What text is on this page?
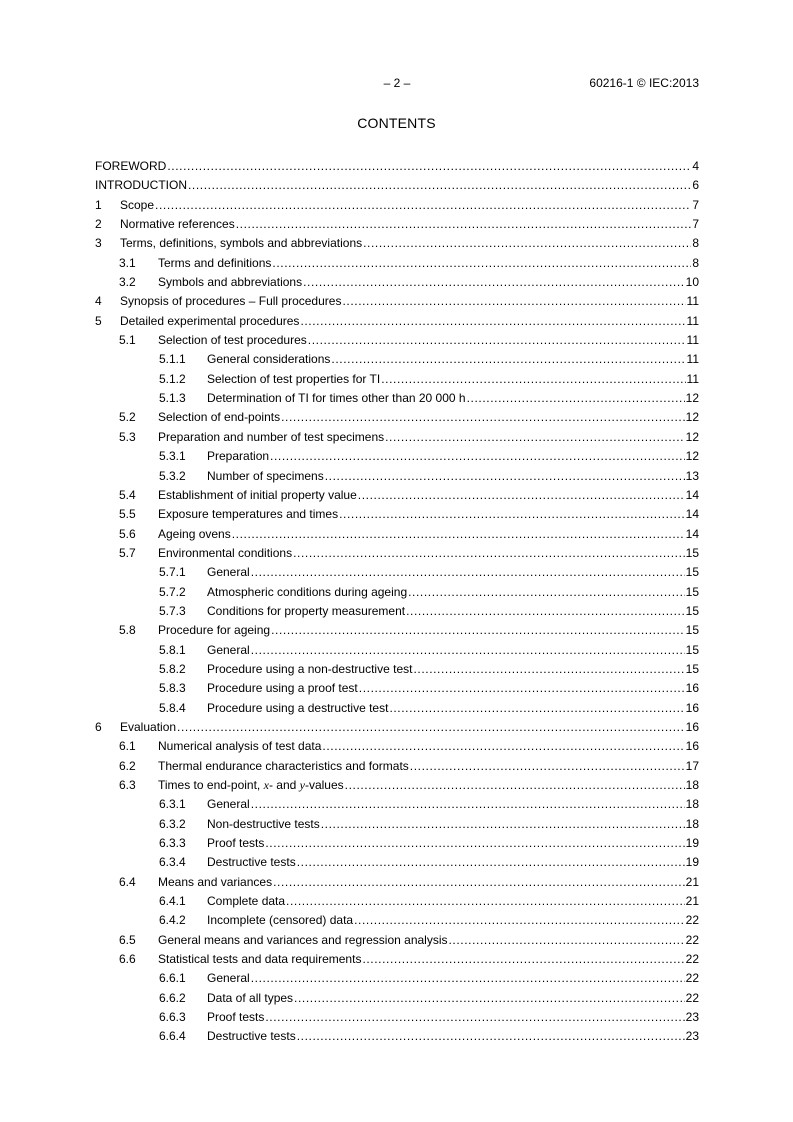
– 2 –	60216-1 © IEC:2013
CONTENTS
FOREWORD .....	4
INTRODUCTION .....	6
1	Scope .....	7
2	Normative references .....	7
3	Terms, definitions, symbols and abbreviations .....	8
3.1	Terms and definitions .....	8
3.2	Symbols and abbreviations .....	10
4	Synopsis of procedures – Full procedures .....	11
5	Detailed experimental procedures .....	11
5.1	Selection of test procedures .....	11
5.1.1	General considerations .....	11
5.1.2	Selection of test properties for TI .....	11
5.1.3	Determination of TI for times other than 20 000 h .....	12
5.2	Selection of end-points .....	12
5.3	Preparation and number of test specimens .....	12
5.3.1	Preparation .....	12
5.3.2	Number of specimens .....	13
5.4	Establishment of initial property value .....	14
5.5	Exposure temperatures and times .....	14
5.6	Ageing ovens .....	14
5.7	Environmental conditions .....	15
5.7.1	General .....	15
5.7.2	Atmospheric conditions during ageing .....	15
5.7.3	Conditions for property measurement .....	15
5.8	Procedure for ageing .....	15
5.8.1	General .....	15
5.8.2	Procedure using a non-destructive test .....	15
5.8.3	Procedure using a proof test .....	16
5.8.4	Procedure using a destructive test .....	16
6	Evaluation .....	16
6.1	Numerical analysis of test data .....	16
6.2	Thermal endurance characteristics and formats .....	17
6.3	Times to end-point, x- and y-values .....	18
6.3.1	General .....	18
6.3.2	Non-destructive tests .....	18
6.3.3	Proof tests .....	19
6.3.4	Destructive tests .....	19
6.4	Means and variances .....	21
6.4.1	Complete data .....	21
6.4.2	Incomplete (censored) data .....	22
6.5	General means and variances and regression analysis .....	22
6.6	Statistical tests and data requirements .....	22
6.6.1	General .....	22
6.6.2	Data of all types .....	22
6.6.3	Proof tests .....	23
6.6.4	Destructive tests .....	23
